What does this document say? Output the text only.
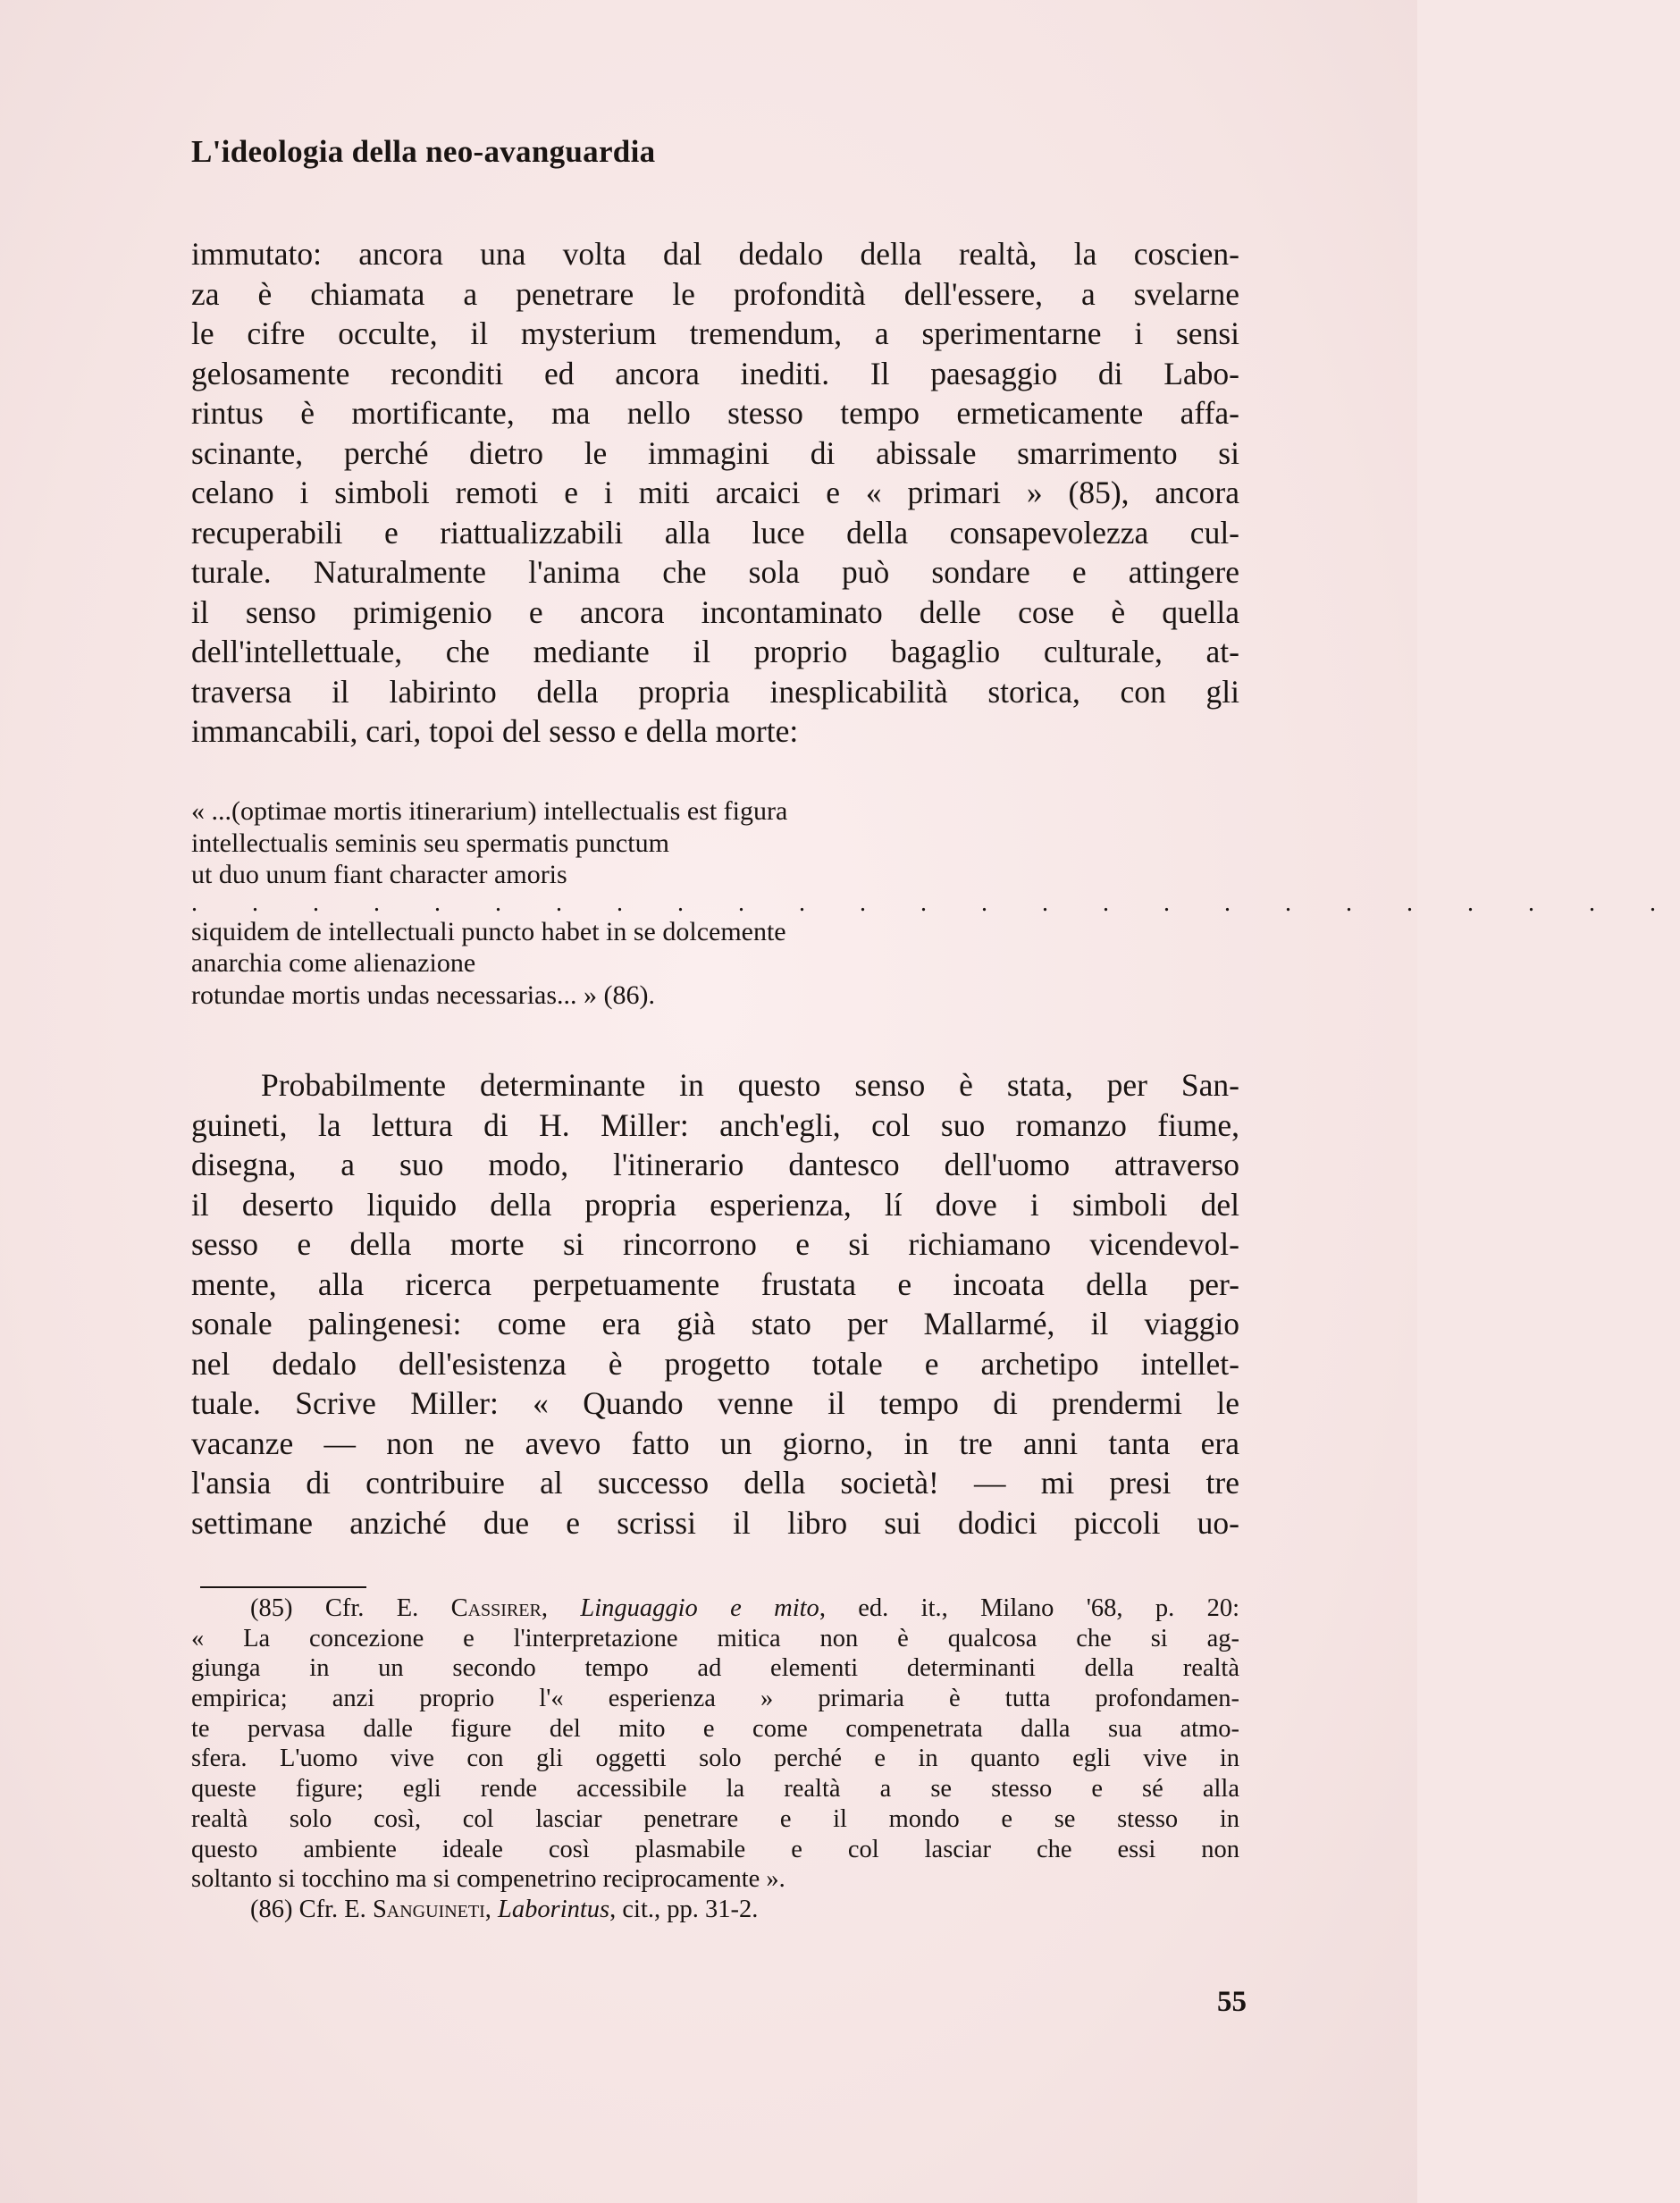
L'ideologia della neo-avanguardia
immutato: ancora una volta dal dedalo della realtà, la coscien-
za è chiamata a penetrare le profondità dell'essere, a svelarne
le cifre occulte, il mysterium tremendum, a sperimentarne i sensi
gelosamente reconditi ed ancora inediti. Il paesaggio di Labo-
rintus è mortificante, ma nello stesso tempo ermeticamente affa-
scinante, perché dietro le immagini di abissale smarrimento si
celano i simboli remoti e i miti arcaici e « primari » (85), ancora
recuperabili e riattualizzabili alla luce della consapevolezza cul-
turale. Naturalmente l'anima che sola può sondare e attingere
il senso primigenio e ancora incontaminato delle cose è quella
dell'intellettuale, che mediante il proprio bagaglio culturale, at-
traversa il labirinto della propria inesplicabilità storica, con gli
immancabili, cari, topoi del sesso e della morte:
« ...(optimae mortis itinerarium) intellectualis est figura
intellectualis seminis seu spermatis punctum
ut duo unum fiant character amoris
. . . . . . . . . . . . . . . . . . . . . . . . .
siquidem de intellectuali puncto habet in se dolcemente
anarchia come alienazione
rotundae mortis undas necessarias... » (86).
Probabilmente determinante in questo senso è stata, per San-
guineti, la lettura di H. Miller: anch'egli, col suo romanzo fiume,
disegna, a suo modo, l'itinerario dantesco dell'uomo attraverso
il deserto liquido della propria esperienza, lí dove i simboli del
sesso e della morte si rincorrono e si richiamano vicendevol-
mente, alla ricerca perpetuamente frustata e incoata della per-
sonale palingenesi: come era già stato per Mallarmé, il viaggio
nel dedalo dell'esistenza è progetto totale e archetipo intellet-
tuale. Scrive Miller: « Quando venne il tempo di prendermi le
vacanze — non ne avevo fatto un giorno, in tre anni tanta era
l'ansia di contribuire al successo della società! — mi presi tre
settimane anziché due e scrissi il libro sui dodici piccoli uo-
(85) Cfr. E. Cassirer, Linguaggio e mito, ed. it., Milano '68, p. 20:
« La concezione e l'interpretazione mitica non è qualcosa che si ag-
giunga in un secondo tempo ad elementi determinanti della realtà
empirica; anzi proprio l'« esperienza » primaria è tutta profondamen-
te pervasa dalle figure del mito e come compenetrata dalla sua atmo-
sfera. L'uomo vive con gli oggetti solo perché e in quanto egli vive in
queste figure; egli rende accessibile la realtà a se stesso e sé alla
realtà solo così, col lasciar penetrare e il mondo e se stesso in
questo ambiente ideale così plasmabile e col lasciar che essi non
soltanto si tocchino ma si compenetrino reciprocamente ».
(86) Cfr. E. Sanguineti, Laborintus, cit., pp. 31-2.
55
